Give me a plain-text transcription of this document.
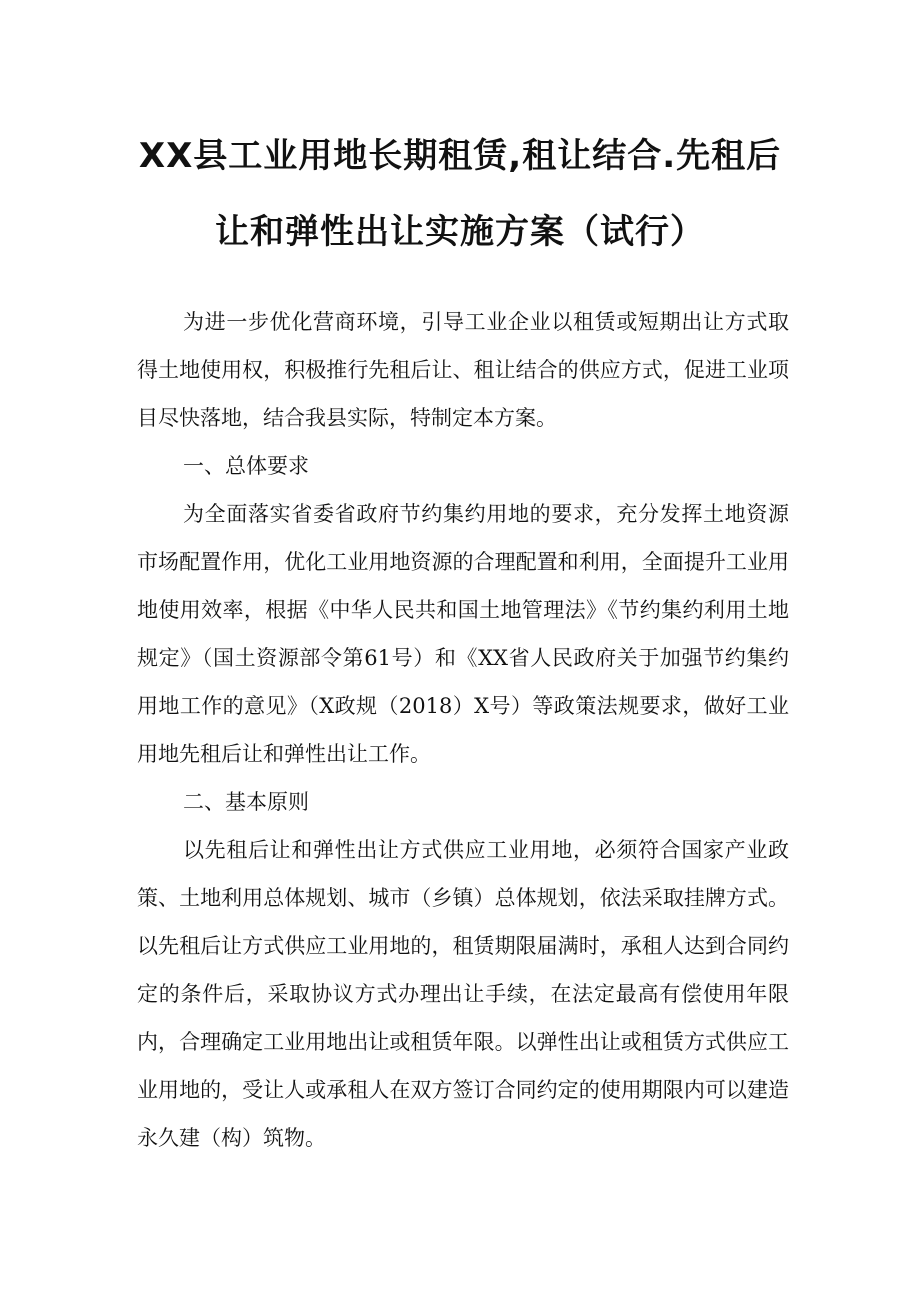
XX县工业用地长期租赁,租让结合.先租后
让和弹性出让实施方案（试行）

为进一步优化营商环境，引导工业企业以租赁或短期出让方式取得土地使用权，积极推行先租后让、租让结合的供应方式，促进工业项目尽快落地，结合我县实际，特制定本方案。

一、总体要求

为全面落实省委省政府节约集约用地的要求，充分发挥土地资源市场配置作用，优化工业用地资源的合理配置和利用，全面提升工业用地使用效率，根据《中华人民共和国土地管理法》《节约集约利用土地规定》（国土资源部令第61号）和《XX省人民政府关于加强节约集约用地工作的意见》（X政规（2018）X号）等政策法规要求，做好工业用地先租后让和弹性出让工作。

二、基本原则

以先租后让和弹性出让方式供应工业用地，必须符合国家产业政策、土地利用总体规划、城市（乡镇）总体规划，依法采取挂牌方式。以先租后让方式供应工业用地的，租赁期限届满时，承租人达到合同约定的条件后，采取协议方式办理出让手续，在法定最高有偿使用年限内，合理确定工业用地出让或租赁年限。以弹性出让或租赁方式供应工业用地的，受让人或承租人在双方签订合同约定的使用期限内可以建造永久建（构）筑物。
